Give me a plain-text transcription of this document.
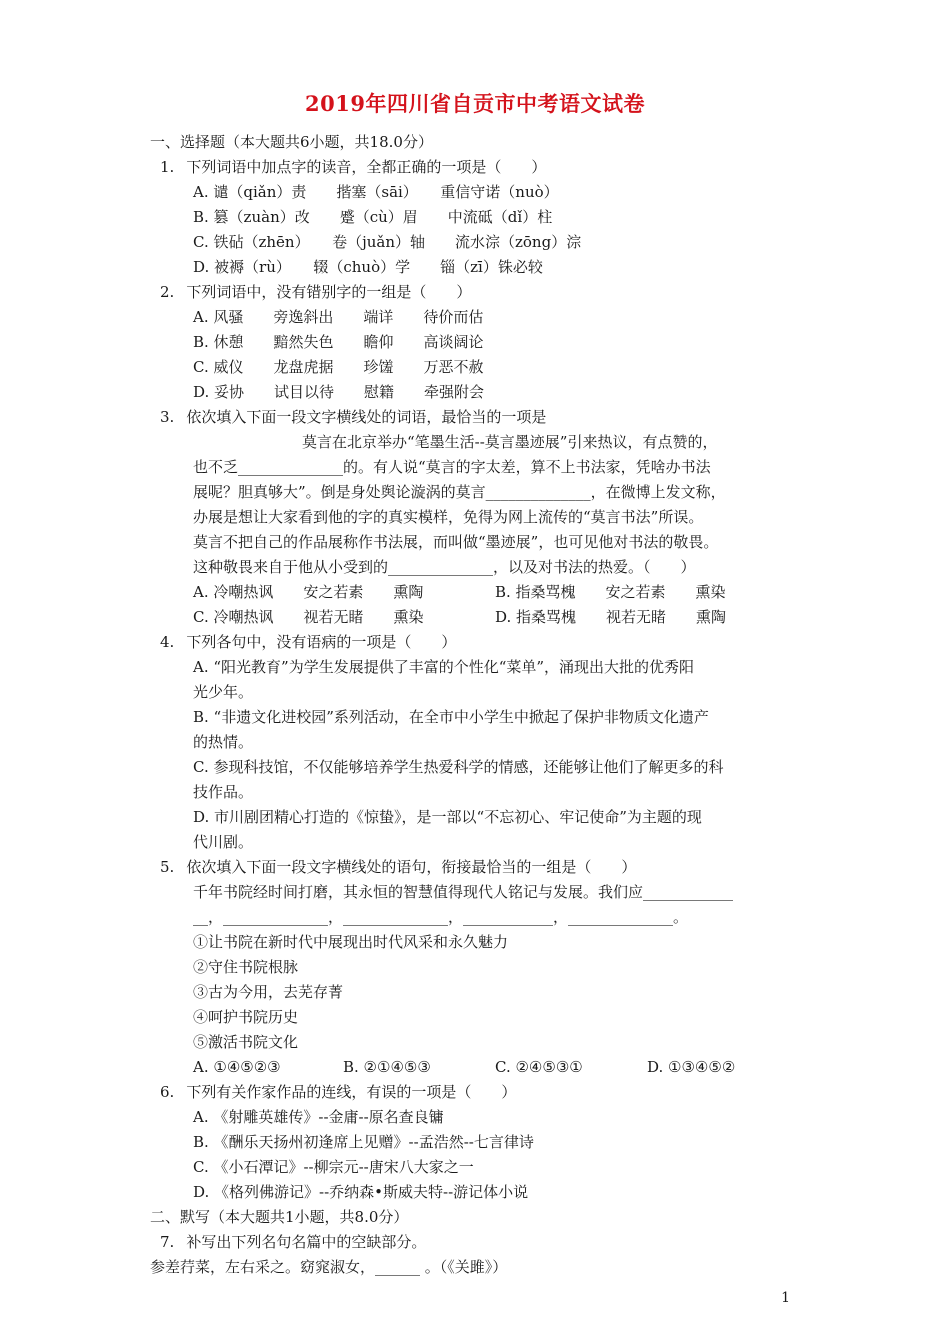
2019年四川省自贡市中考语文试卷
一、选择题（本大题共6小题，共18.0分）
1. 下列词语中加点字的读音，全都正确的一项是（　　）
A. 谴（qiǎn）责　　揩塞（sāi）　　重信守诺（nuò）
B. 篡（zuàn）改　　蹙（cù）眉　　中流砥（dǐ）柱
C. 铁砧（zhēn）　　卷（juǎn）轴　　流水淙（zōng）淙
D. 被褥（rù）　　辍（chuò）学　　锱（zī）铢必较
2. 下列词语中，没有错别字的一组是（　　）
A. 风骚　　旁逸斜出　　端详　　待价而估
B. 休憩　　黯然失色　　瞻仰　　高谈阔论
C. 威仪　　龙盘虎据　　珍馐　　万恶不赦
D. 妥协　　试目以待　　慰籍　　牵强附会
3. 依次填入下面一段文字横线处的词语，最恰当的一项是
莫言在北京举办“笔墨生活--莫言墨迹展”引来热议，有点赞的，
也不乏______________的。有人说“莫言的字太差，算不上书法家，凭啥办书法
展呢？胆真够大”。倒是身处舆论漩涡的莫言______________，在微博上发文称，
办展是想让大家看到他的字的真实模样，免得为网上流传的“莫言书法”所误。
莫言不把自己的作品展称作书法展，而叫做“墨迹展”，也可见他对书法的敬畏。
这种敬畏来自于他从小受到的______________，以及对书法的热爱。（　　）
A. 冷嘲热讽　　安之若素　　熏陶	B. 指桑骂槐　　安之若素　　熏染
C. 冷嘲热讽　　视若无睹　　熏染	D. 指桑骂槐　　视若无睹　　熏陶
4. 下列各句中，没有语病的一项是（　　）
A. “阳光教育”为学生发展提供了丰富的个性化“菜单”，涌现出大批的优秀阳
光少年。
B. “非遗文化进校园”系列活动，在全市中小学生中掀起了保护非物质文化遗产
的热情。
C. 参现科技馆，不仅能够培养学生热爱科学的情感，还能够让他们了解更多的科
技作品。
D. 市川剧团精心打造的《惊蛰》，是一部以“不忘初心、牢记使命”为主题的现
代川剧。
5. 依次填入下面一段文字横线处的语句，衔接最恰当的一组是（　　）
千年书院经时间打磨，其永恒的智慧值得现代人铭记与发展。我们应____________
__，______________，______________，____________，______________。
①让书院在新时代中展现出时代风采和永久魅力
②守住书院根脉
③古为今用，去芜存菁
④呵护书院历史
⑤激活书院文化
A. ①④⑤②③	B. ②①④⑤③	C. ②④⑤③①	D. ①③④⑤②
6. 下列有关作家作品的连线，有误的一项是（　　）
A. 《射雕英雄传》--金庸--原名查良镛
B. 《酬乐天扬州初逢席上见赠》--孟浩然--七言律诗
C. 《小石潭记》--柳宗元--唐宋八大家之一
D. 《格列佛游记》--乔纳森•斯威夫特--游记体小说
二、默写（本大题共1小题，共8.0分）
7. 补写出下列名句名篇中的空缺部分。
参差荇菜，左右采之。窈窕淑女，______ 。（《关雎》）
1
